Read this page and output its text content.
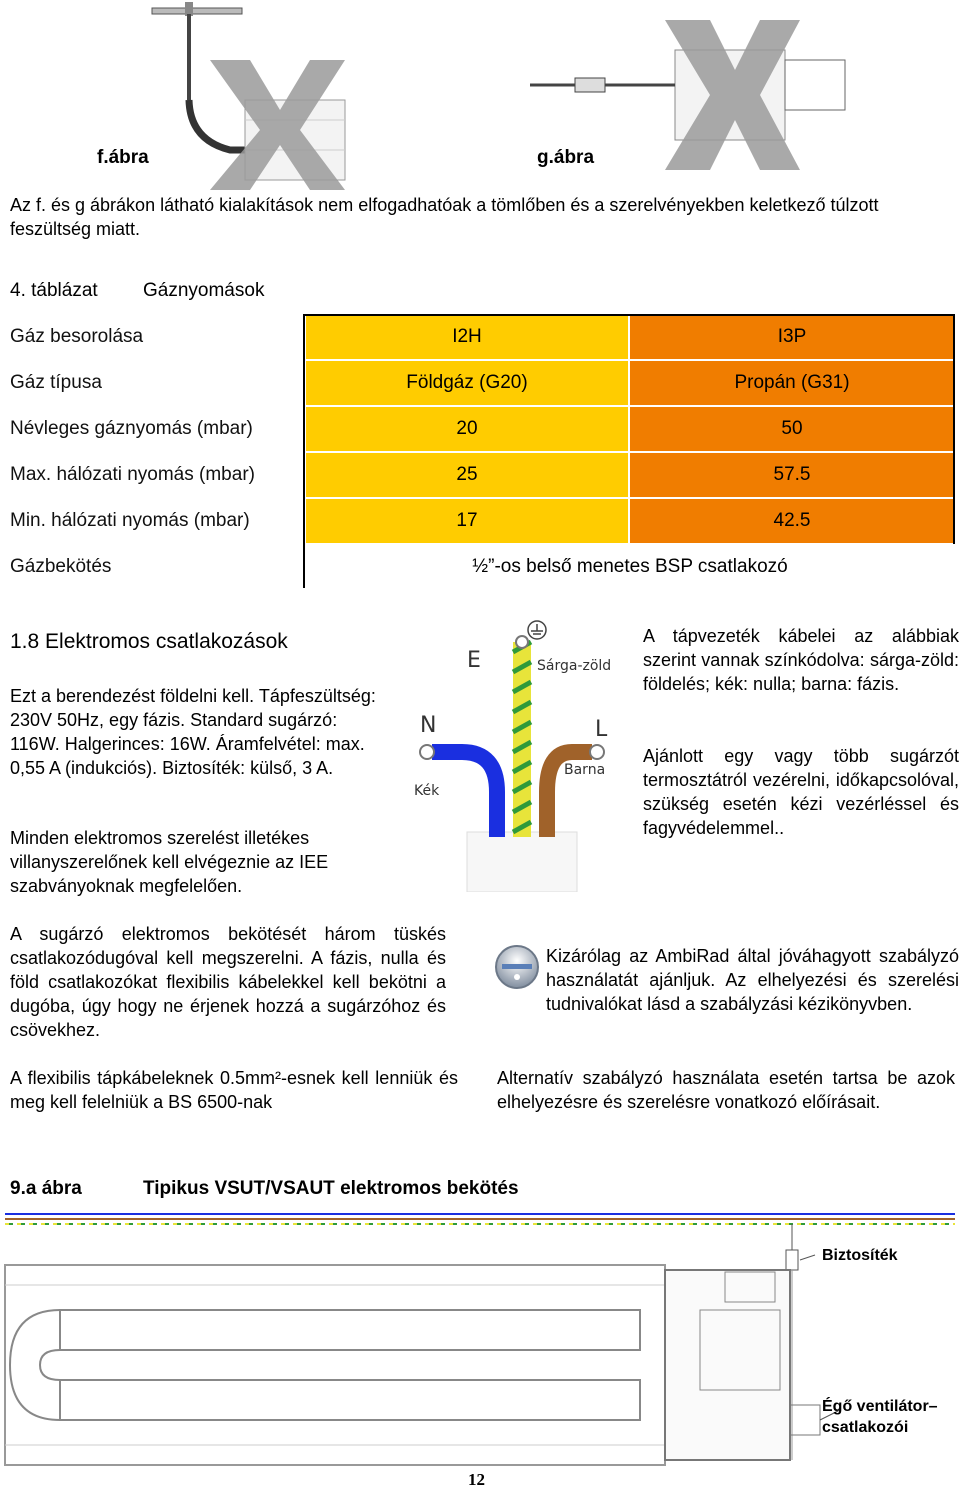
f.ábra	g.ábra
Az f. és g ábrákon látható kialakítások nem elfogadhatóak a tömlőben és a szerelvényekben keletkező túlzott feszültség miatt.
4. táblázat Gáznyomások
Gáz besorolása	I2H	I3P
Gáz típusa	Földgáz (G20)	Propán (G31)
Névleges gáznyomás (mbar)	20	50
Max. hálózati nyomás (mbar)	25	57.5
Min. hálózati nyomás (mbar)	17	42.5
Gázbekötés	½”-os belső menetes BSP csatlakozó
1.8 Elektromos csatlakozások
Ezt a berendezést földelni kell. Tápfeszültség: 230V 50Hz, egy fázis. Standard sugárzó: 116W. Halgerinces: 16W. Áramfelvétel: max. 0,55 A (indukciós). Biztosíték: külső, 3 A.
Minden elektromos szerelést illetékes villanyszerelőnek kell elvégeznie az IEE szabványoknak megfelelően.
E
N	L
Sárga-zöld
Kék
Barna
A tápvezeték kábelei az alábbiak szerint vannak színkódolva: sárga-zöld: földelés; kék: nulla; barna: fázis.
Ajánlott egy vagy több sugárzót termosztátról vezérelni, időkapcsolóval, szükség esetén kézi vezérléssel és fagyvédelemmel..
A sugárzó elektromos bekötését három tüskés csatlakozódugóval kell megszerelni. A fázis, nulla és föld csatlakozókat flexibilis kábelekkel kell bekötni a dugóba, úgy hogy ne érjenek hozzá a sugárzóhoz és csövekhez.
Kizárólag az AmbiRad által jóváhagyott szabályzó használatát ajánljuk. Az elhelyezési és szerelési tudnivalókat lásd a szabályzási kézikönyvben.
A flexibilis tápkábeleknek 0.5mm²-esnek kell lenniük és meg kell felelniük a BS 6500-nak
Alternatív szabályzó használata esetén tartsa be azok elhelyezésre és szerelésre vonatkozó előírásait.
9.a ábra	Tipikus VSUT/VSAUT elektromos bekötés
Biztosíték
Égő ventilátor– csatlakozói
12
